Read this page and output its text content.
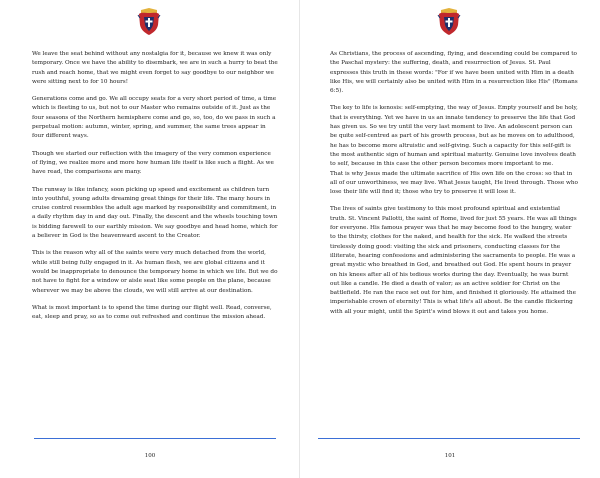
We leave the seat behind without any nostalgia for it, because we knew it was only temporary. Once we have the ability to disembark, we are in such a hurry to beat the rush and reach home, that we might even forget to say goodbye to our neighbor we were sitting next to for 10 hours!

Generations come and go. We all occupy seats for a very short period of time, a time which is fleeting to us, but not to our Master who remains outside of it. Just as the four seasons of the Northern hemisphere come and go, so, too, do we pass in such a perpetual motion: autumn, winter, spring, and summer, the same trees appear in four different ways.

Though we started our reflection with the imagery of the very common experience of flying, we realize more and more how human life itself is like such a flight. As we have read, the comparisons are many.

The runway is like infancy, soon picking up speed and excitement as children turn into youthful, young adults dreaming great things for their life. The many hours in cruise control resembles the adult age marked by responsibility and commitment, in a daily rhythm day in and day out. Finally, the descent and the wheels touching town is bidding farewell to our earthly mission. We say goodbye and head home, which for a believer in God is the heavenward ascent to the Creator.

This is the reason why all of the saints were very much detached from the world, while still being fully engaged in it. As human flesh, we are global citizens and it would be inappropriate to denounce the temporary home in which we life. But we do not have to fight for a window or aisle seat like some people on the plane, because wherever we may be above the clouds, we will still arrive at our destination.

What is most important is to spend the time during our flight well. Read, converse, eat, sleep and pray, so as to come out refreshed and continue the mission ahead.

100

As Christians, the process of ascending, flying, and descending could be compared to the Paschal mystery: the suffering, death, and resurrection of Jesus. St. Paul expresses this truth in these words: "For if we have been united with Him in a death like His, we will certainly also be united with Him in a resurrection like His" (Romans 6:5).

The key to life is kenosis: self-emptying, the way of Jesus. Empty yourself and be holy, that is everything. Yet we have in us an innate tendency to preserve the life that God has given us. So we try until the very last moment to live. An adolescent person can be quite self-centred as part of his growth process, but as he moves on to adulthood, he has to become more altruistic and self-giving. Such a capacity for this self-gift is the most authentic sign of human and spiritual maturity. Genuine love involves death to self, because in this case the other person becomes more important to me.

That is why Jesus made the ultimate sacrifice of His own life on the cross: so that in all of our unworthiness, we may live. What Jesus taught, He lived through. Those who lose their life will find it; those who try to preserve it will lose it.

The lives of saints give testimony to this most profound spiritual and existential truth. St. Vincent Pallotti, the saint of Rome, lived for just 55 years. He was all things for everyone. His famous prayer was that he may become food to the hungry, water to the thirsty, clothes for the naked, and health for the sick. He walked the streets tirelessly doing good: visiting the sick and prisoners, conducting classes for the illiterate, hearing confessions and administering the sacraments to people. He was a great mystic who breathed in God, and breathed out God. He spent hours in prayer on his knees after all of his tedious works during the day. Eventually, he was burnt out like a candle. He died a death of valor; as an active soldier for Christ on the battlefield. He ran the race set out for him, and finished it gloriously. He attained the imperishable crown of eternity! This is what life's all about. Be the candle flickering with all your might, until the Spirit's wind blows it out and takes you home.

101
